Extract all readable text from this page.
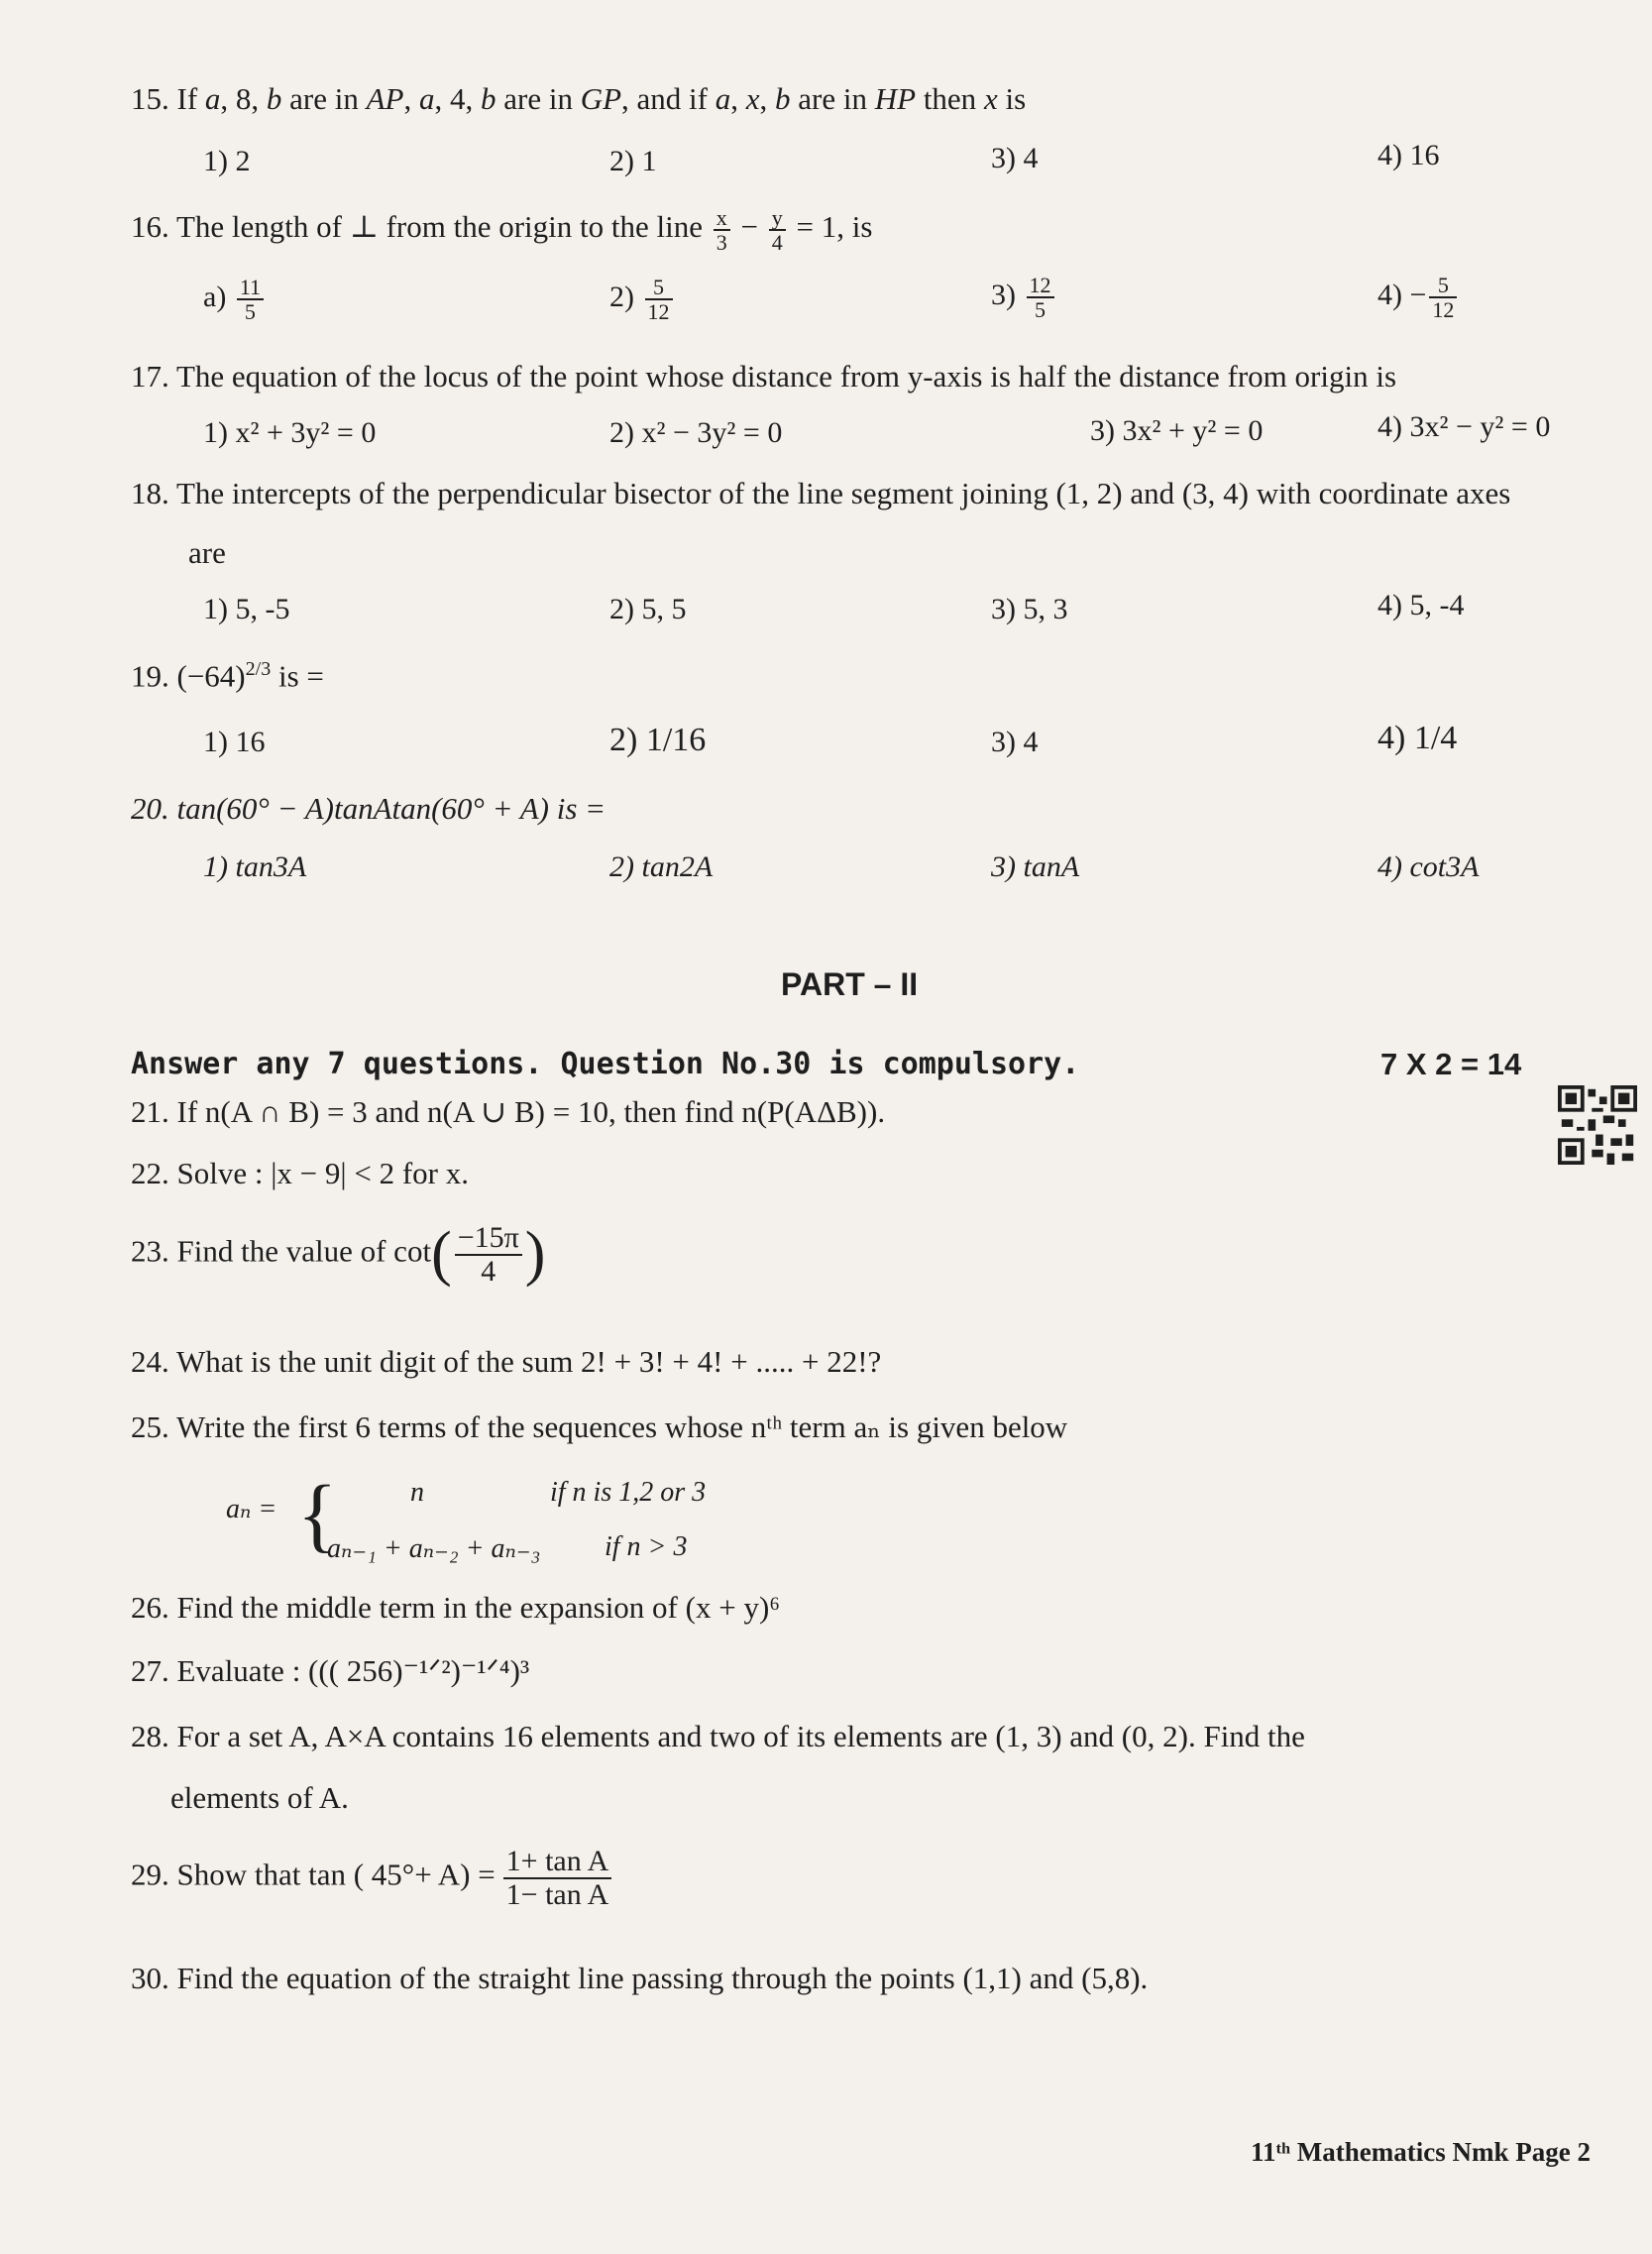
15. If a, 8, b are in AP, a, 4, b are in GP, and if a, x, b are in HP then x is
1) 2	2) 1	3) 4	4) 16
16. The length of ⊥ from the origin to the line $\frac{x}{3} - \frac{y}{4} = 1$, is
$a) \frac{11}{5}$	$2) \frac{5}{12}$	$3) \frac{12}{5}$	$4) - \frac{5}{12}$
17. The equation of the locus of the point whose distance from y-axis is half the distance from origin is
1) x² + 3y² = 0	2) x² − 3y² = 0	3) 3x² + y² = 0	4) 3x² − y² = 0
18. The intercepts of the perpendicular bisector of the line segment joining (1, 2) and (3, 4) with coordinate axes
are
1) 5, -5	2) 5, 5	3) 5, 3	4) 5, -4
19. $(-64)^{2/3}$ is =
1) 16	2) 1/16	3) 4	4) 1/4
20. tan(60° − A)tanAtan(60° + A) is =
1) tan3A	2) tan2A	3) tanA	4) cot3A
PART – II
Answer any 7 questions. Question No.30 is compulsory.	7 X 2 = 14
21. If n(A ∩ B) = 3 and n(A ∪ B) = 10, then find n(P(AΔB)).
22. Solve : |x − 9| < 2 for x.
23. Find the value of $\cot( \frac{-15\pi}{4}$ )
24. What is the unit digit of the sum 2! + 3! + 4! + ..... + 22!?
25. Write the first 6 terms of the sequences whose nᵗʰ term aₙ is given below
aₙ = {	n	if n is 1,2 or 3
aₙ₋₁ + aₙ₋₂ + aₙ₋₃ if n > 3
26. Find the middle term in the expansion of (x + y)⁶
27. Evaluate : ((( 256)⁻¹ᐟ²)⁻¹ᐟ⁴)³
28. For a set A, A×A contains 16 elements and two of its elements are (1, 3) and (0, 2). Find the
elements of A.
29. Show that tan ( $45^\circ+ A) = \frac{\text{1+ tan A}}{\text{1− tan A}}$
30. Find the equation of the straight line passing through the points (1,1) and (5,8).
11ᵗʰ Mathematics Nmk Page 2
